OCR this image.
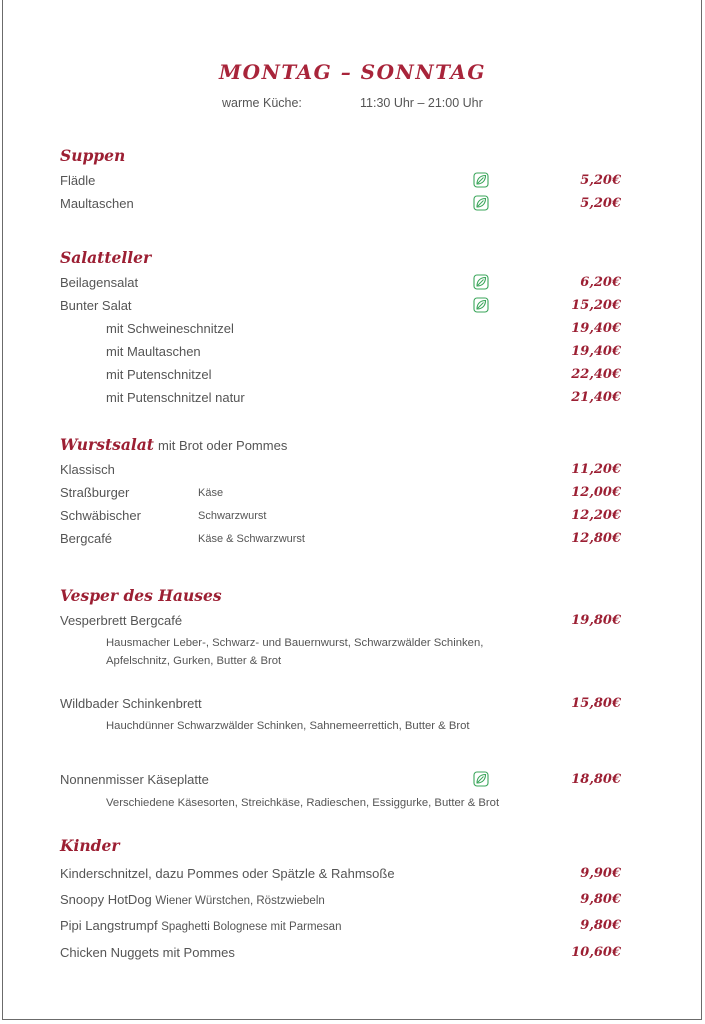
MONTAG – SONNTAG
warme Küche:	11:30 Uhr – 21:00 Uhr
Suppen
Flädle	5,20€
Maultaschen	5,20€
Salatteller
Beilagensalat	6,20€
Bunter Salat	15,20€
mit Schweineschnitzel	19,40€
mit Maultaschen	19,40€
mit Putenschnitzel	22,40€
mit Putenschnitzel natur	21,40€
Wurstsalat mit Brot oder Pommes
Klassisch	11,20€
Straßburger	Käse	12,00€
Schwäbischer	Schwarzwurst	12,20€
Bergcafé	Käse & Schwarzwurst	12,80€
Vesper des Hauses
Vesperbrett Bergcafé	19,80€
Hausmacher Leber-, Schwarz- und Bauernwurst, Schwarzwälder Schinken,
Apfelschnitz, Gurken, Butter & Brot
Wildbader Schinkenbrett	15,80€
Hauchdünner Schwarzwälder Schinken, Sahnemeerrettich, Butter & Brot
Nonnenmisser Käseplatte	18,80€
Verschiedene Käsesorten, Streichkäse, Radieschen, Essiggurke, Butter & Brot
Kinder
Kinderschnitzel, dazu Pommes oder Spätzle & Rahmsoße	9,90€
Snoopy HotDog Wiener Würstchen, Röstzwiebeln	9,80€
Pipi Langstrumpf Spaghetti Bolognese mit Parmesan	9,80€
Chicken Nuggets mit Pommes	10,60€
